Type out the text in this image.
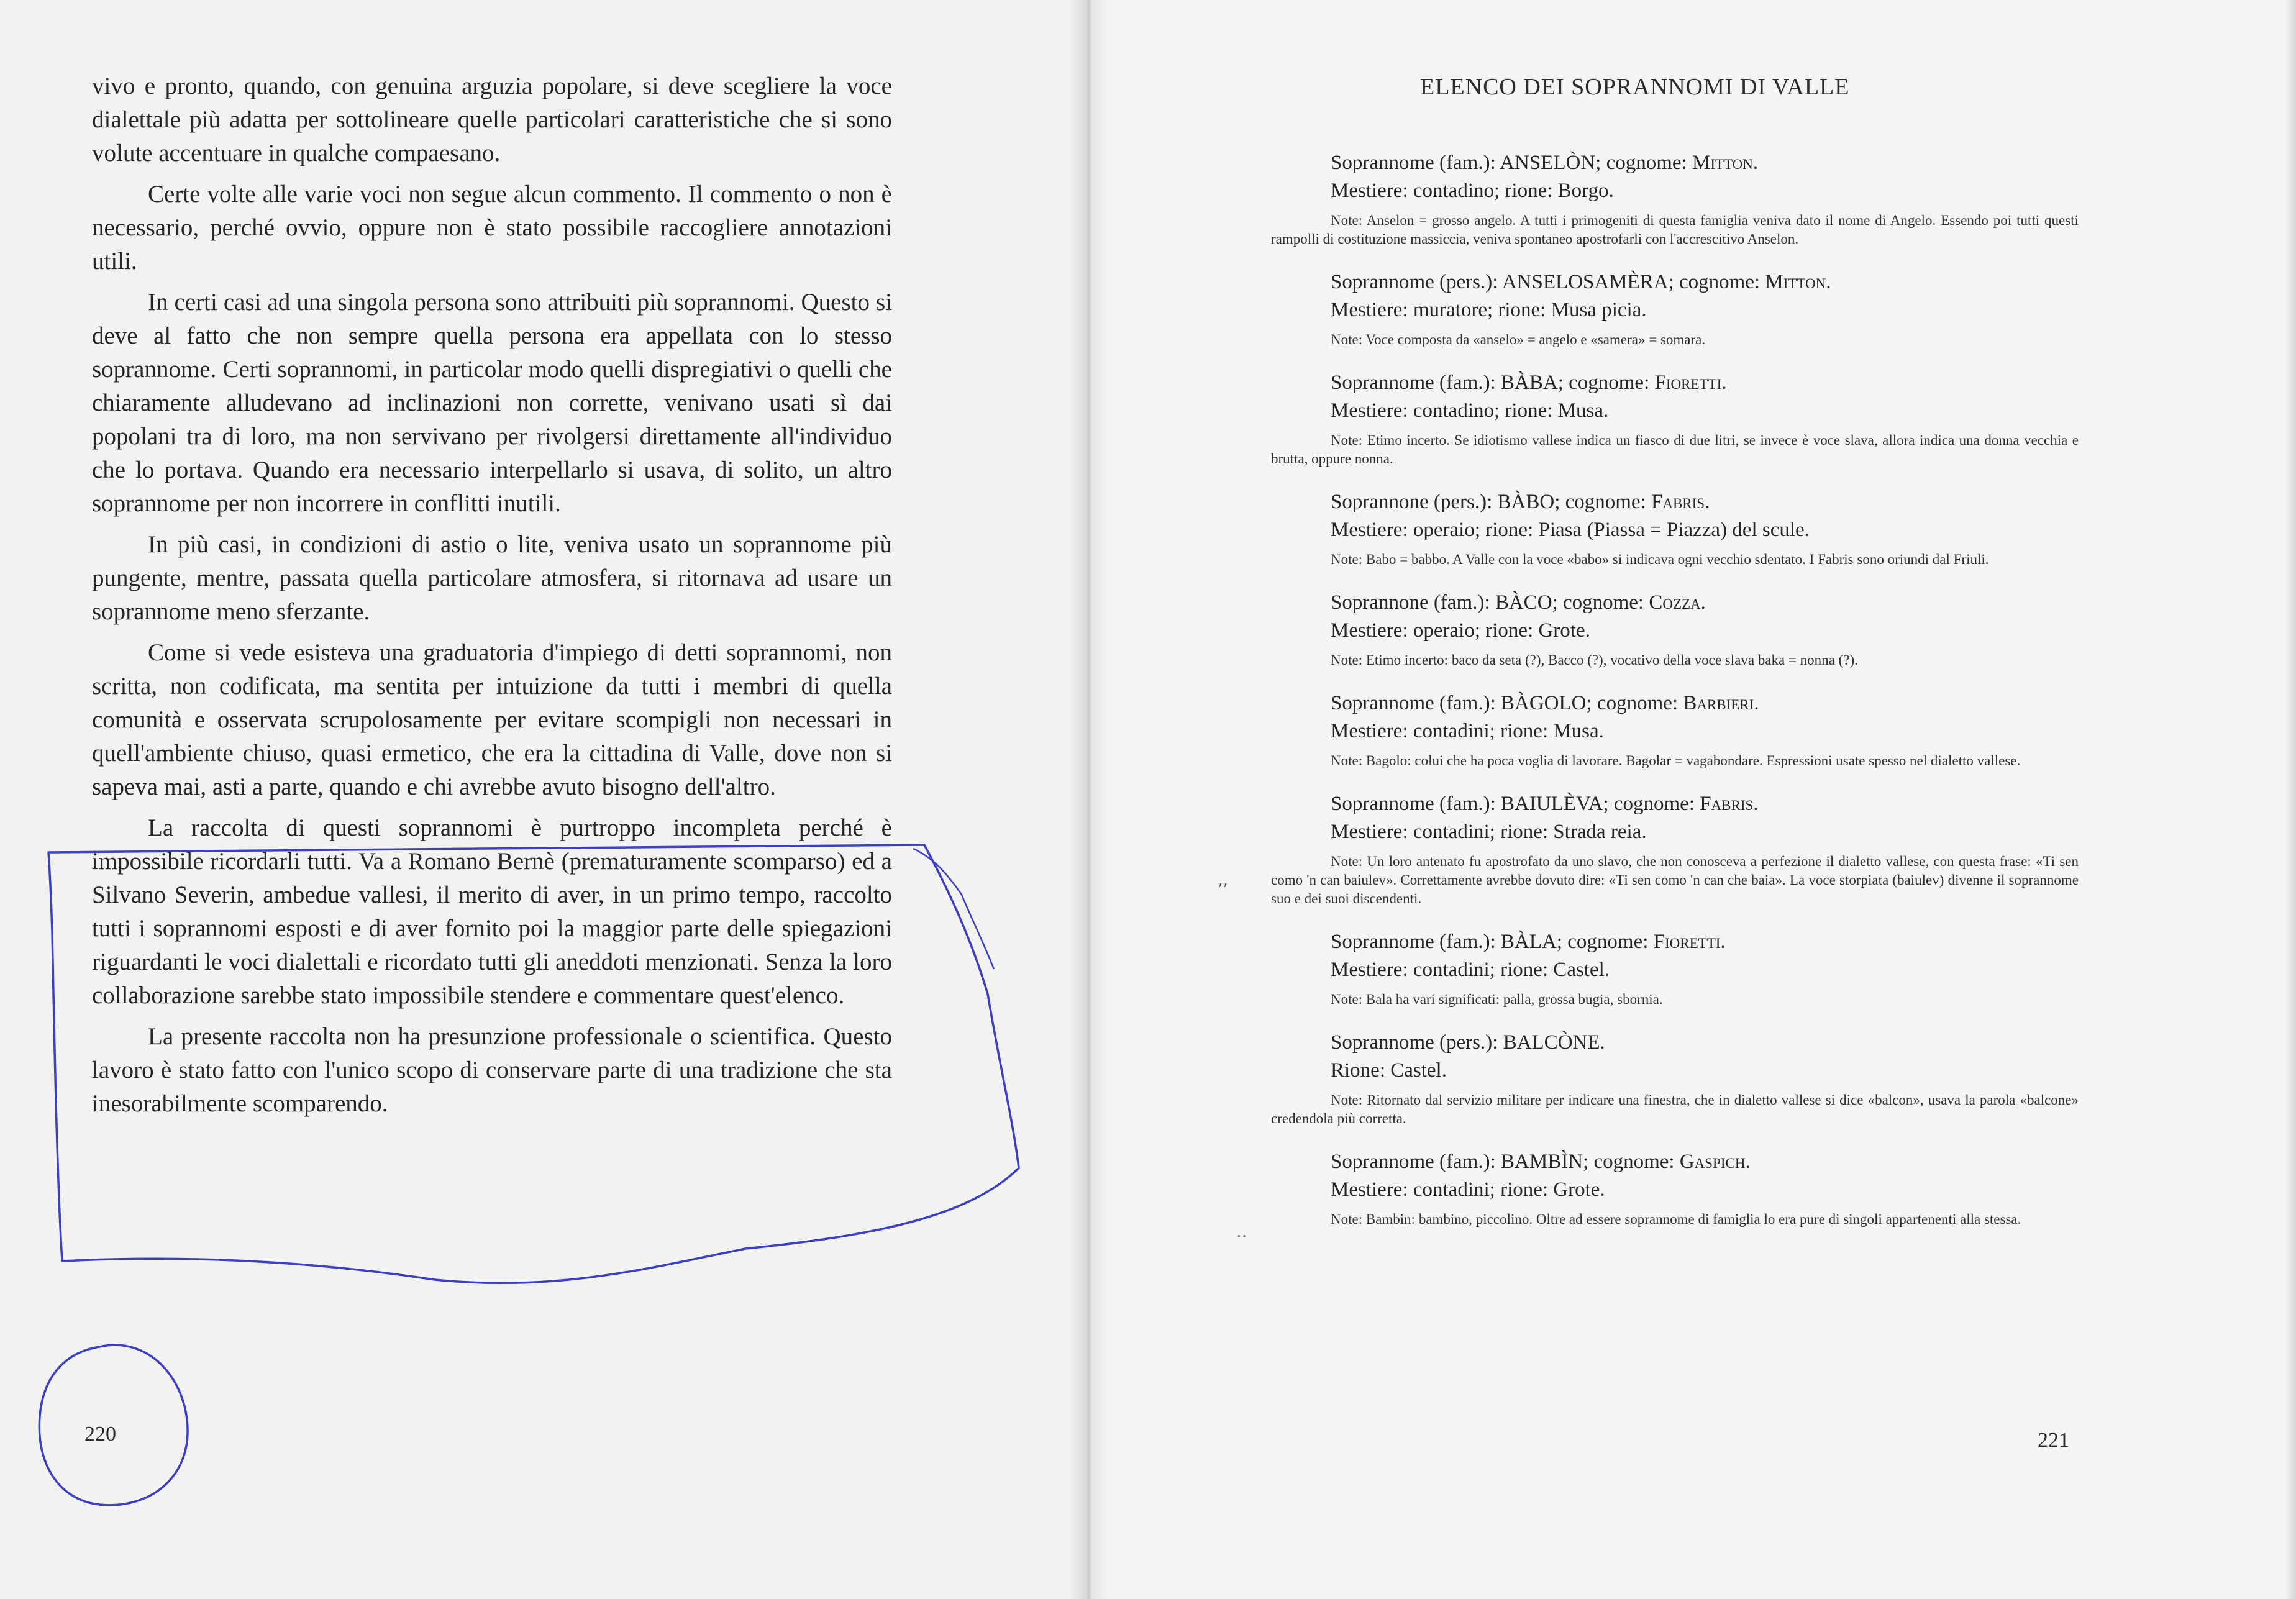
vivo e pronto, quando, con genuina arguzia popolare, si deve scegliere la voce dialettale più adatta per sottolineare quelle particolari caratteristiche che si sono volute accentuare in qualche compaesano.

Certe volte alle varie voci non segue alcun commento. Il commento o non è necessario, perché ovvio, oppure non è stato possibile raccogliere annotazioni utili.

In certi casi ad una singola persona sono attribuiti più soprannomi. Questo si deve al fatto che non sempre quella persona era appellata con lo stesso soprannome. Certi soprannomi, in particolar modo quelli dispregiativi o quelli che chiaramente alludevano ad inclinazioni non corrette, venivano usati sì dai popolani tra di loro, ma non servivano per rivolgersi direttamente all'individuo che lo portava. Quando era necessario interpellarlo si usava, di solito, un altro soprannome per non incorrere in conflitti inutili.

In più casi, in condizioni di astio o lite, veniva usato un soprannome più pungente, mentre, passata quella particolare atmosfera, si ritornava ad usare un soprannome meno sferzante.

Come si vede esisteva una graduatoria d'impiego di detti soprannomi, non scritta, non codificata, ma sentita per intuizione da tutti i membri di quella comunità e osservata scrupolosamente per evitare scompigli non necessari in quell'ambiente chiuso, quasi ermetico, che era la cittadina di Valle, dove non si sapeva mai, asti a parte, quando e chi avrebbe avuto bisogno dell'altro.

La raccolta di questi soprannomi è purtroppo incompleta perché è impossibile ricordarli tutti. Va a Romano Bernè (prematuramente scomparso) ed a Silvano Severin, ambedue vallesi, il merito di aver, in un primo tempo, raccolto tutti i soprannomi esposti e di aver fornito poi la maggior parte delle spiegazioni riguardanti le voci dialettali e ricordato tutti gli aneddoti menzionati. Senza la loro collaborazione sarebbe stato impossibile stendere e commentare quest'elenco.

La presente raccolta non ha presunzione professionale o scientifica. Questo lavoro è stato fatto con l'unico scopo di conservare parte di una tradizione che sta inesorabilmente scomparendo.

220
ELENCO DEI SOPRANNOMI DI VALLE
Soprannome (fam.): ANSELÒN; cognome: Mitton.
Mestiere: contadino; rione: Borgo.
Note: Anselon = grosso angelo. A tutti i primogeniti di questa famiglia veniva dato il nome di Angelo. Essendo poi tutti questi rampolli di costituzione massiccia, veniva spontaneo apostrofarli con l'accrescitivo Anselon.
Soprannome (pers.): ANSELOSAMÈRA; cognome: Mitton.
Mestiere: muratore; rione: Musa picia.
Note: Voce composta da «anselo» = angelo e «samera» = somara.
Soprannome (fam.): BÀBA; cognome: Fioretti.
Mestiere: contadino; rione: Musa.
Note: Etimo incerto. Se idiotismo vallese indica un fiasco di due litri, se invece è voce slava, allora indica una donna vecchia e brutta, oppure nonna.
Soprannone (pers.): BÀBO; cognome: Fabris.
Mestiere: operaio; rione: Piasa (Piassa = Piazza) del scule.
Note: Babo = babbo. A Valle con la voce «babo» si indicava ogni vecchio sdentato. I Fabris sono oriundi dal Friuli.
Soprannone (fam.): BÀCO; cognome: Cozza.
Mestiere: operaio; rione: Grote.
Note: Etimo incerto: baco da seta (?), Bacco (?), vocativo della voce slava baka = nonna (?).
Soprannome (fam.): BÀGOLO; cognome: Barbieri.
Mestiere: contadini; rione: Musa.
Note: Bagolo: colui che ha poca voglia di lavorare. Bagolar = vagabondare. Espressioni usate spesso nel dialetto vallese.
Soprannome (fam.): BAIULÈVA; cognome: Fabris.
Mestiere: contadini; rione: Strada reia.
Note: Un loro antenato fu apostrofato da uno slavo, che non conosceva a perfezione il dialetto vallese, con questa frase: «Ti sen como 'n can baiulev». Correttamente avrebbe dovuto dire: «Ti sen como 'n can che baia». La voce storpiata (baiulev) divenne il soprannome suo e dei suoi discendenti.
Soprannome (fam.): BÀLA; cognome: Fioretti.
Mestiere: contadini; rione: Castel.
Note: Bala ha vari significati: palla, grossa bugia, sbornia.
Soprannome (pers.): BALCÒNE.
Rione: Castel.
Note: Ritornato dal servizio militare per indicare una finestra, che in dialetto vallese si dice «balcon», usava la parola «balcone» credendola più corretta.
Soprannome (fam.): BAMBÌN; cognome: Gaspich.
Mestiere: contadini; rione: Grote.
Note: Bambin: bambino, piccolino. Oltre ad essere soprannome di famiglia lo era pure di singoli appartenenti alla stessa.
221
’’
‥
